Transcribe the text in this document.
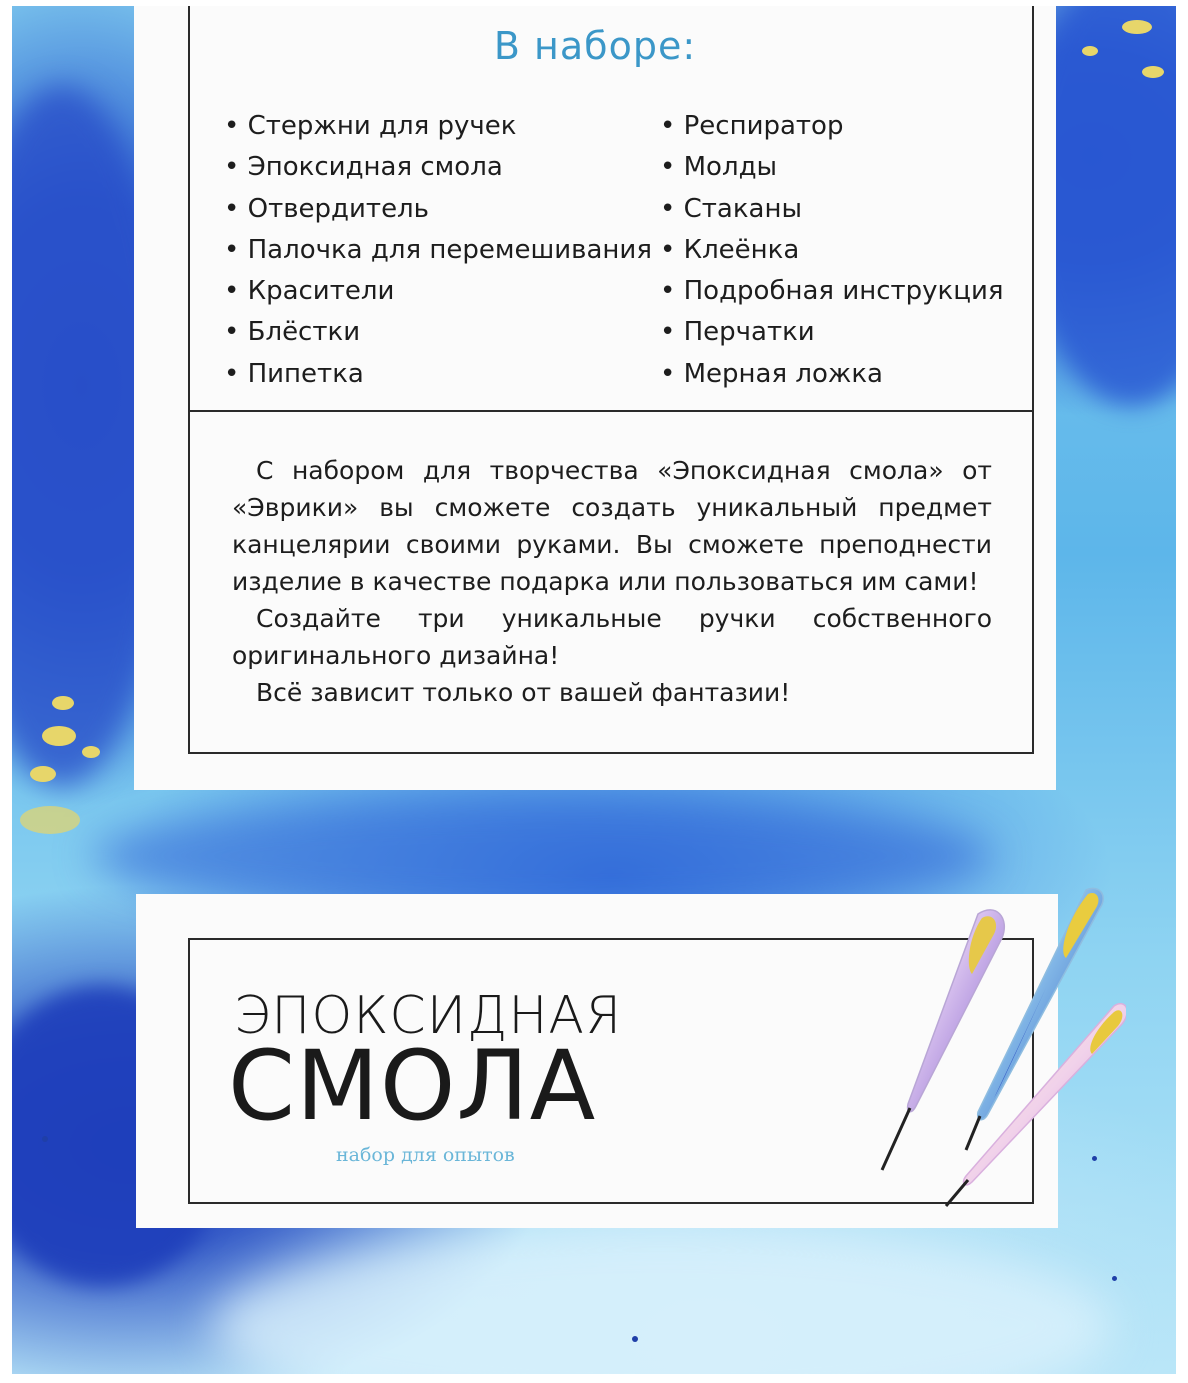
В наборе:
• Стержни для ручек
• Эпоксидная смола
• Отвердитель
• Палочка для перемешивания
• Красители
• Блёстки
• Пипетка
• Респиратор
• Молды
• Стаканы
• Клеёнка
• Подробная инструкция
• Перчатки
• Мерная ложка

С набором для творчества «Эпоксидная смола» от «Эврики» вы сможете создать уникальный предмет канцелярии своими руками. Вы сможете преподнести изделие в качестве подарка или пользоваться им сами!

Создайте три уникальные ручки собственного оригинального дизайна!

Всё зависит только от вашей фантазии!

ЭПОКСИДНАЯ
СМОЛА
набор для опытов
